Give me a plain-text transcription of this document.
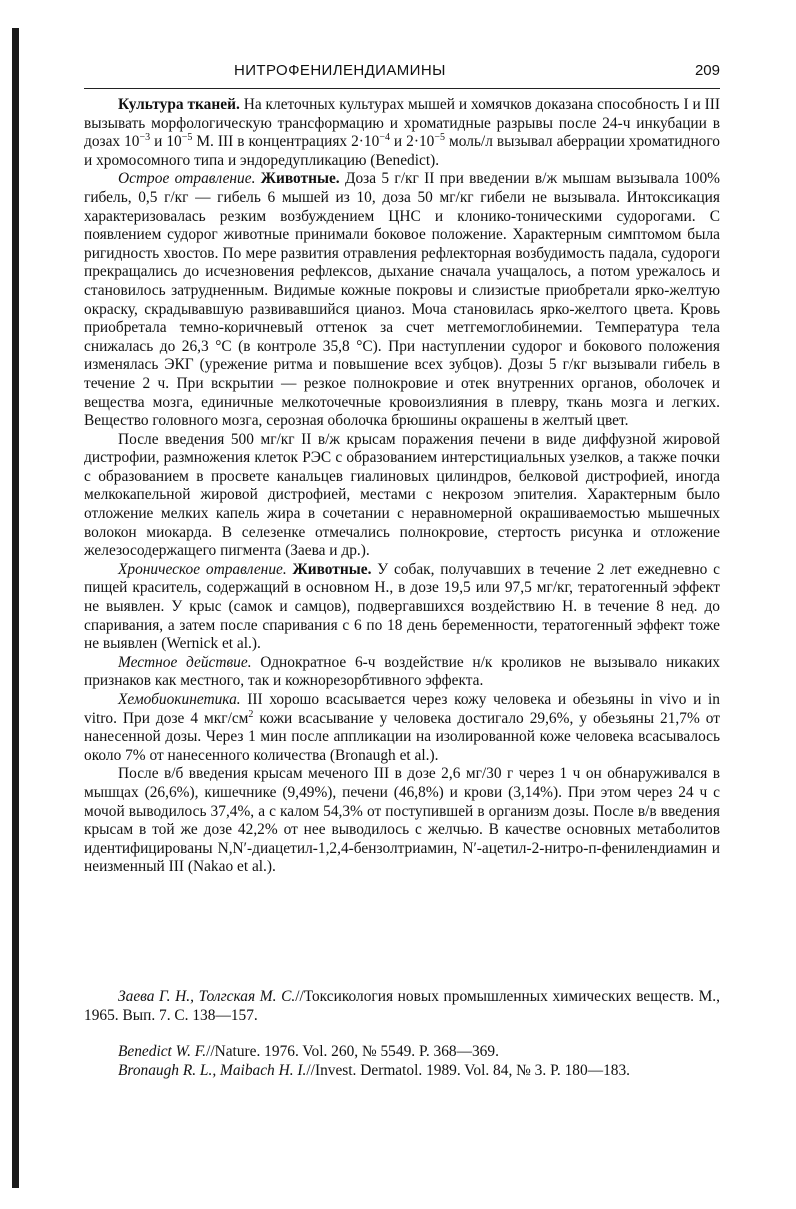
НИТРОФЕНИЛЕНДИАМИНЫ	209

Культура тканей. На клеточных культурах мышей и хомячков доказана способность I и III вызывать морфологическую трансформацию и хроматидные разрывы после 24-ч инкубации в дозах $10^{-3}$ и $10^{-5}$ М. III в концентрациях $2\cdot 10^{-4}$ и $2\cdot 10^{-5}$ моль/л вызывал аберрации хроматидного и хромосомного типа и эндоредупликацию (Benedict).

Острое отравление. Животные. Доза 5 г/кг II при введении в/ж мышам вызывала 100% гибель, 0,5 г/кг — гибель 6 мышей из 10, доза 50 мг/кг гибели не вызывала. Интоксикация характеризовалась резким возбуждением ЦНС и клонико-тоническими судорогами. С появлением судорог животные принимали боковое положение. Характерным симптомом была ригидность хвостов. По мере развития отравления рефлекторная возбудимость падала, судороги прекращались до исчезновения рефлексов, дыхание сначала учащалось, а потом урежалось и становилось затрудненным. Видимые кожные покровы и слизистые приобретали ярко-желтую окраску, скрадывавшую развивавшийся цианоз. Моча становилась ярко-желтого цвета. Кровь приобретала темно-коричневый оттенок за счет метгемоглобинемии. Температура тела снижалась до 26,3 °С (в контроле 35,8 °С). При наступлении судорог и бокового положения изменялась ЭКГ (урежение ритма и повышение всех зубцов). Дозы 5 г/кг вызывали гибель в течение 2 ч. При вскрытии — резкое полнокровие и отек внутренних органов, оболочек и вещества мозга, единичные мелкоточечные кровоизлияния в плевру, ткань мозга и легких. Вещество головного мозга, серозная оболочка брюшины окрашены в желтый цвет.

После введения 500 мг/кг II в/ж крысам поражения печени в виде диффузной жировой дистрофии, размножения клеток РЭС с образованием интерстициальных узелков, а также почки с образованием в просвете канальцев гиалиновых цилиндров, белковой дистрофией, иногда мелкокапельной жировой дистрофией, местами с некрозом эпителия. Характерным было отложение мелких капель жира в сочетании с неравномерной окрашиваемостью мышечных волокон миокарда. В селезенке отмечались полнокровие, стертость рисунка и отложение железосодержащего пигмента (Заева и др.).

Хроническое отравление. Животные. У собак, получавших в течение 2 лет ежедневно с пищей краситель, содержащий в основном Н., в дозе 19,5 или 97,5 мг/кг, тератогенный эффект не выявлен. У крыс (самок и самцов), подвергавшихся воздействию Н. в течение 8 нед. до спаривания, а затем после спаривания с 6 по 18 день беременности, тератогенный эффект тоже не выявлен (Wernick et al.).

Местное действие. Однократное 6-ч воздействие н/к кроликов не вызывало никаких признаков как местного, так и кожнорезорбтивного эффекта.

Хемобиокинетика. III хорошо всасывается через кожу человека и обезьяны in vivo и in vitro. При дозе 4 мкг/$см^2$ кожи всасывание у человека достигало 29,6%, у обезьяны 21,7% от нанесенной дозы. Через 1 мин после аппликации на изолированной коже человека всасывалось около 7% от нанесенного количества (Bronaugh et al.).

После в/б введения крысам меченого III в дозе 2,6 мг/30 г через 1 ч он обнаруживался в мышцах (26,6%), кишечнике (9,49%), печени (46,8%) и крови (3,14%). При этом через 24 ч с мочой выводилось 37,4%, а с калом 54,3% от поступившей в организм дозы. После в/в введения крысам в той же дозе 42,2% от нее выводилось с желчью. В качестве основных метаболитов идентифицированы N,N′-диацетил-1,2,4-бензолтриамин, N′-ацетил-2-нитро-п-фенилендиамин и неизменный III (Nakao et al.).

Заева Г. Н., Толгская М. С.//Токсикология новых промышленных химических веществ. М., 1965. Вып. 7. С. 138—157.

Benedict W. F.//Nature. 1976. Vol. 260, № 5549. P. 368—369.

Bronaugh R. L., Maibach H. I.//Invest. Dermatol. 1989. Vol. 84, № 3. P. 180—183.
